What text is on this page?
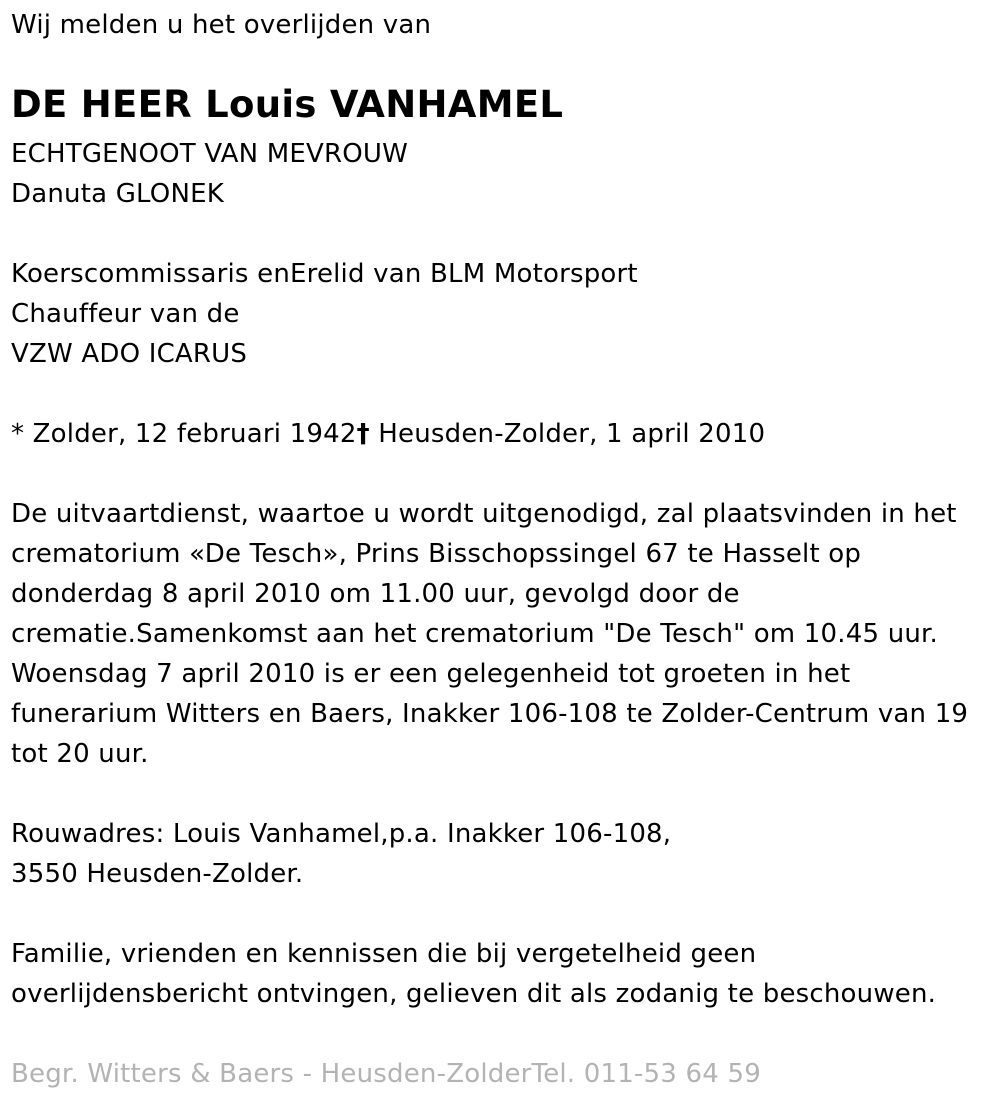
Wij melden u het overlijden van
DE HEER Louis VANHAMEL
ECHTGENOOT VAN MEVROUW
Danuta GLONEK
Koerscommissaris enErelid van BLM Motorsport
Chauffeur van de
VZW ADO ICARUS
* Zolder, 12 februari 1942† Heusden-Zolder, 1 april 2010
De uitvaartdienst, waartoe u wordt uitgenodigd, zal plaatsvinden in het
crematorium «De Tesch», Prins Bisschopssingel 67 te Hasselt op
donderdag 8 april 2010 om 11.00 uur, gevolgd door de
crematie.Samenkomst aan het crematorium "De Tesch" om 10.45 uur.
Woensdag 7 april 2010 is er een gelegenheid tot groeten in het
funerarium Witters en Baers, Inakker 106-108 te Zolder-Centrum van 19
tot 20 uur.
Rouwadres: Louis Vanhamel,p.a. Inakker 106-108,
3550 Heusden-Zolder.
Familie, vrienden en kennissen die bij vergetelheid geen
overlijdensbericht ontvingen, gelieven dit als zodanig te beschouwen.
Begr. Witters & Baers - Heusden-ZolderTel. 011-53 64 59
